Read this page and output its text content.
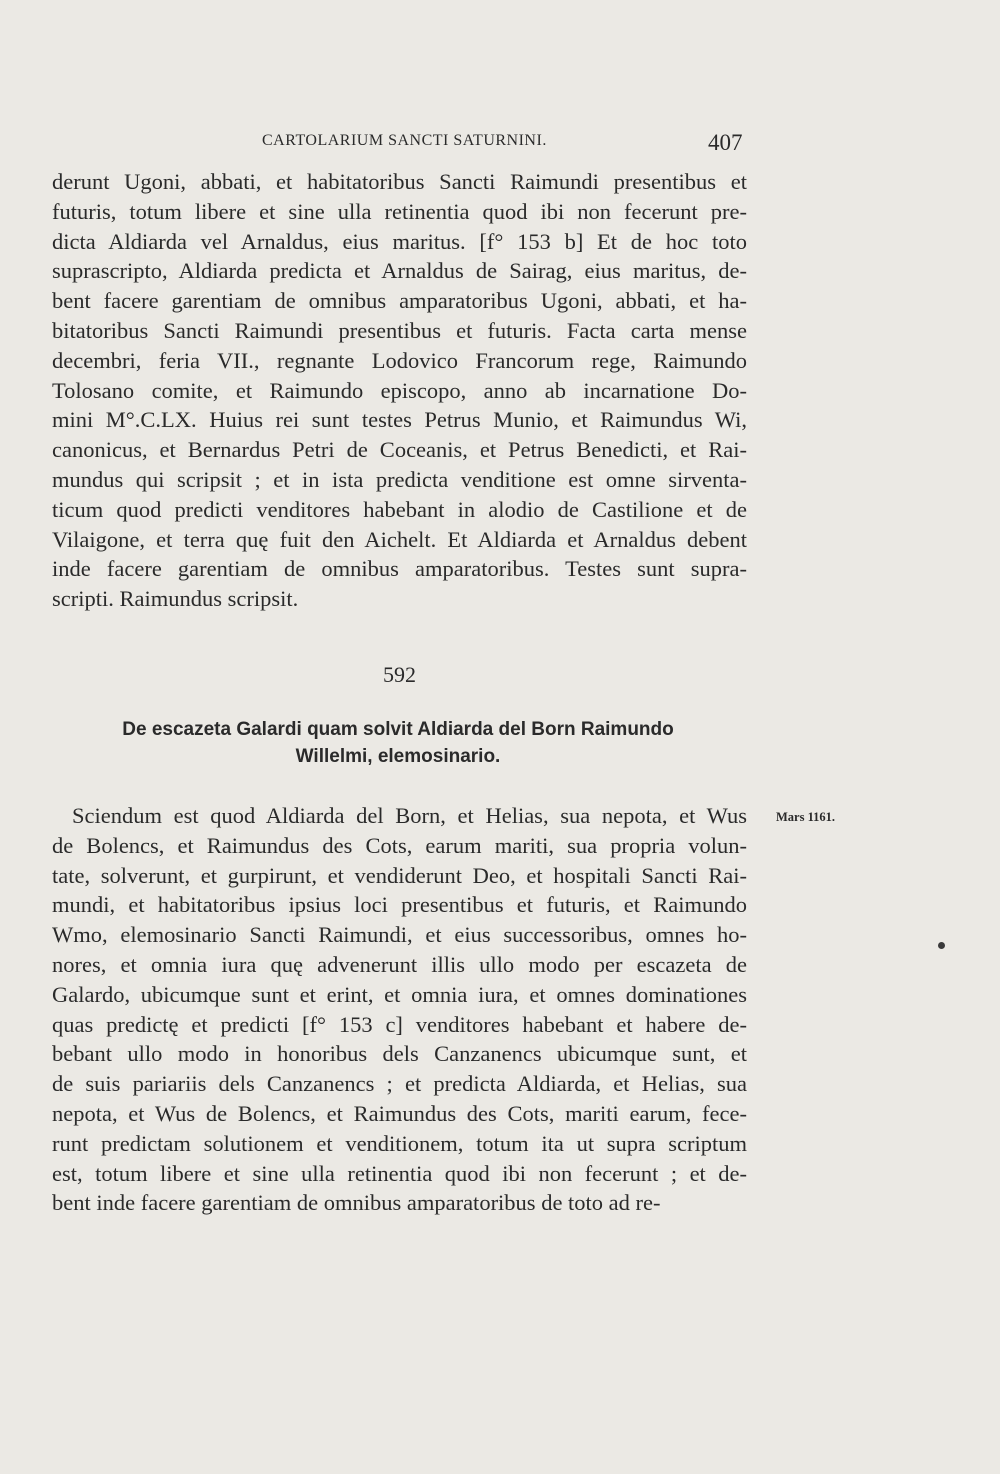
CARTOLARIUM SANCTI SATURNINI.	407
derunt Ugoni, abbati, et habitatoribus Sancti Raimundi presentibus et
futuris, totum libere et sine ulla retinentia quod ibi non fecerunt pre-
dicta Aldiarda vel Arnaldus, eius maritus. [f° 153 b] Et de hoc toto
suprascripto, Aldiarda predicta et Arnaldus de Sairag, eius maritus, de-
bent facere garentiam de omnibus amparatoribus Ugoni, abbati, et ha-
bitatoribus Sancti Raimundi presentibus et futuris. Facta carta mense
decembri, feria VII., regnante Lodovico Francorum rege, Raimundo
Tolosano comite, et Raimundo episcopo, anno ab incarnatione Do-
mini M°.C.LX. Huius rei sunt testes Petrus Munio, et Raimundus Wi,
canonicus, et Bernardus Petri de Coceanis, et Petrus Benedicti, et Rai-
mundus qui scripsit ; et in ista predicta venditione est omne sirventa-
ticum quod predicti venditores habebant in alodio de Castilione et de
Vilaigone, et terra quę fuit den Aichelt. Et Aldiarda et Arnaldus debent
inde facere garentiam de omnibus amparatoribus. Testes sunt supra-
scripti. Raimundus scripsit.
592
De escazeta Galardi quam solvit Aldiarda del Born Raimundo
Willelmi, elemosinario.
Mars 1161.
Sciendum est quod Aldiarda del Born, et Helias, sua nepota, et Wus
de Bolencs, et Raimundus des Cots, earum mariti, sua propria volun-
tate, solverunt, et gurpirunt, et vendiderunt Deo, et hospitali Sancti Rai-
mundi, et habitatoribus ipsius loci presentibus et futuris, et Raimundo
Wmo, elemosinario Sancti Raimundi, et eius successoribus, omnes ho-
nores, et omnia iura quę advenerunt illis ullo modo per escazeta de
Galardo, ubicumque sunt et erint, et omnia iura, et omnes dominationes
quas predictę et predicti [f° 153 c] venditores habebant et habere de-
bebant ullo modo in honoribus dels Canzanencs ubicumque sunt, et
de suis pariariis dels Canzanencs ; et predicta Aldiarda, et Helias, sua
nepota, et Wus de Bolencs, et Raimundus des Cots, mariti earum, fece-
runt predictam solutionem et venditionem, totum ita ut supra scriptum
est, totum libere et sine ulla retinentia quod ibi non fecerunt ; et de-
bent inde facere garentiam de omnibus amparatoribus de toto ad re-
